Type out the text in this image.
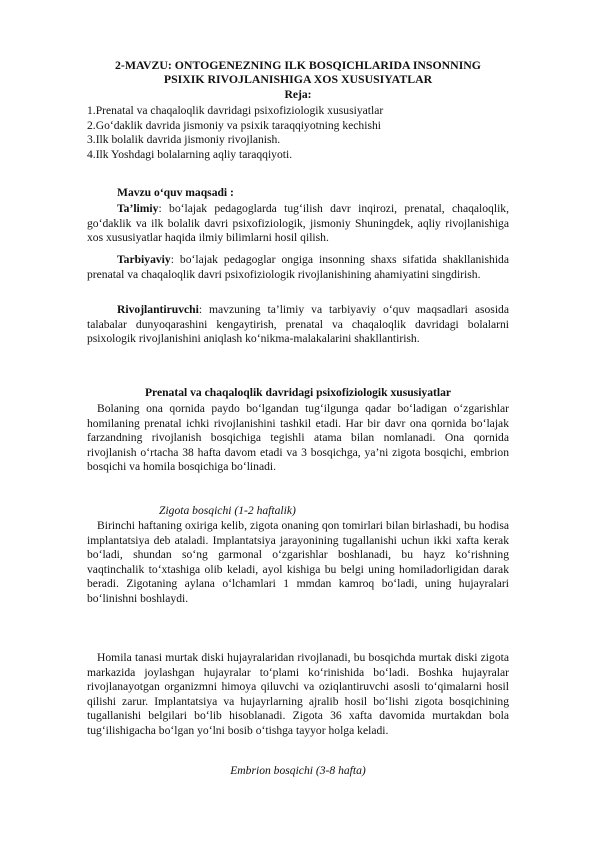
2-MAVZU: ONTOGENEZNING ILK BOSQICHLARIDA INSONNING
PSIXIK RIVOJLANISHIGA XOS XUSUSIYATLAR
Reja:

1.Prenatal va chaqaloqlik davridagi psixofiziologik xususiyatlar

2.Go‘daklik davrida jismoniy va psixik taraqqiyotning kechishi

3.Ilk bolalik davrida jismoniy rivojlanish.

4.Ilk Yoshdagi bolalarning aqliy taraqqiyoti.

Mavzu o‘quv maqsadi :

Ta’limiy: bo‘lajak pedagoglarda tug‘ilish davr inqirozi, prenatal, chaqaloqlik, go‘daklik va ilk bolalik davri psixofiziologik, jismoniy Shuningdek, aqliy rivojlanishiga xos xususiyatlar haqida ilmiy bilimlarni hosil qilish.

Tarbiyaviy: bo‘lajak pedagoglar ongiga insonning shaxs sifatida shakllanishida prenatal va chaqaloqlik davri psixofiziologik rivojlanishining ahamiyatini singdirish.

Rivojlantiruvchi: mavzuning ta’limiy va tarbiyaviy o‘quv maqsadlari asosida talabalar dunyoqarashini kengaytirish, prenatal va chaqaloqlik davridagi bolalarni psixologik rivojlanishini aniqlash ko‘nikma-malakalarini shakllantirish.

Prenatal va chaqaloqlik davridagi psixofiziologik xususiyatlar

Bolaning ona qornida paydo bo‘lgandan tug‘ilgunga qadar bo‘ladigan o‘zgarishlar homilaning prenatal ichki rivojlanishini tashkil etadi. Har bir davr ona qornida bo‘lajak farzandning rivojlanish bosqichiga tegishli atama bilan nomlanadi. Ona qornida rivojlanish o‘rtacha 38 hafta davom etadi va 3 bosqichga, ya’ni zigota bosqichi, embrion bosqichi va homila bosqichiga bo‘linadi.

Zigota bosqichi (1-2 haftalik)

Birinchi haftaning oxiriga kelib, zigota onaning qon tomirlari bilan birlashadi, bu hodisa implantatsiya deb ataladi. Implantatsiya jarayonining tugallanishi uchun ikki xafta kerak bo‘ladi, shundan so‘ng garmonal o‘zgarishlar boshlanadi, bu hayz ko‘rishning vaqtinchalik to‘xtashiga olib keladi, ayol kishiga bu belgi uning homiladorligidan darak beradi. Zigotaning aylana o‘lchamlari 1 mmdan kamroq bo‘ladi, uning hujayralari bo‘linishni boshlaydi.

Homila tanasi murtak diski hujayralaridan rivojlanadi, bu bosqichda murtak diski zigota markazida joylashgan hujayralar to‘plami ko‘rinishida bo‘ladi. Boshka hujayralar rivojlanayotgan organizmni himoya qiluvchi va oziqlantiruvchi asosli to‘qimalarni hosil qilishi zarur. Implantatsiya va hujayrlarning ajralib hosil bo‘lishi zigota bosqichining tugallanishi belgilari bo‘lib hisoblanadi. Zigota 36 xafta davomida murtakdan bola tug‘ilishigacha bo‘lgan yo‘lni bosib o‘tishga tayyor holga keladi.

Embrion bosqichi (3-8 hafta)
